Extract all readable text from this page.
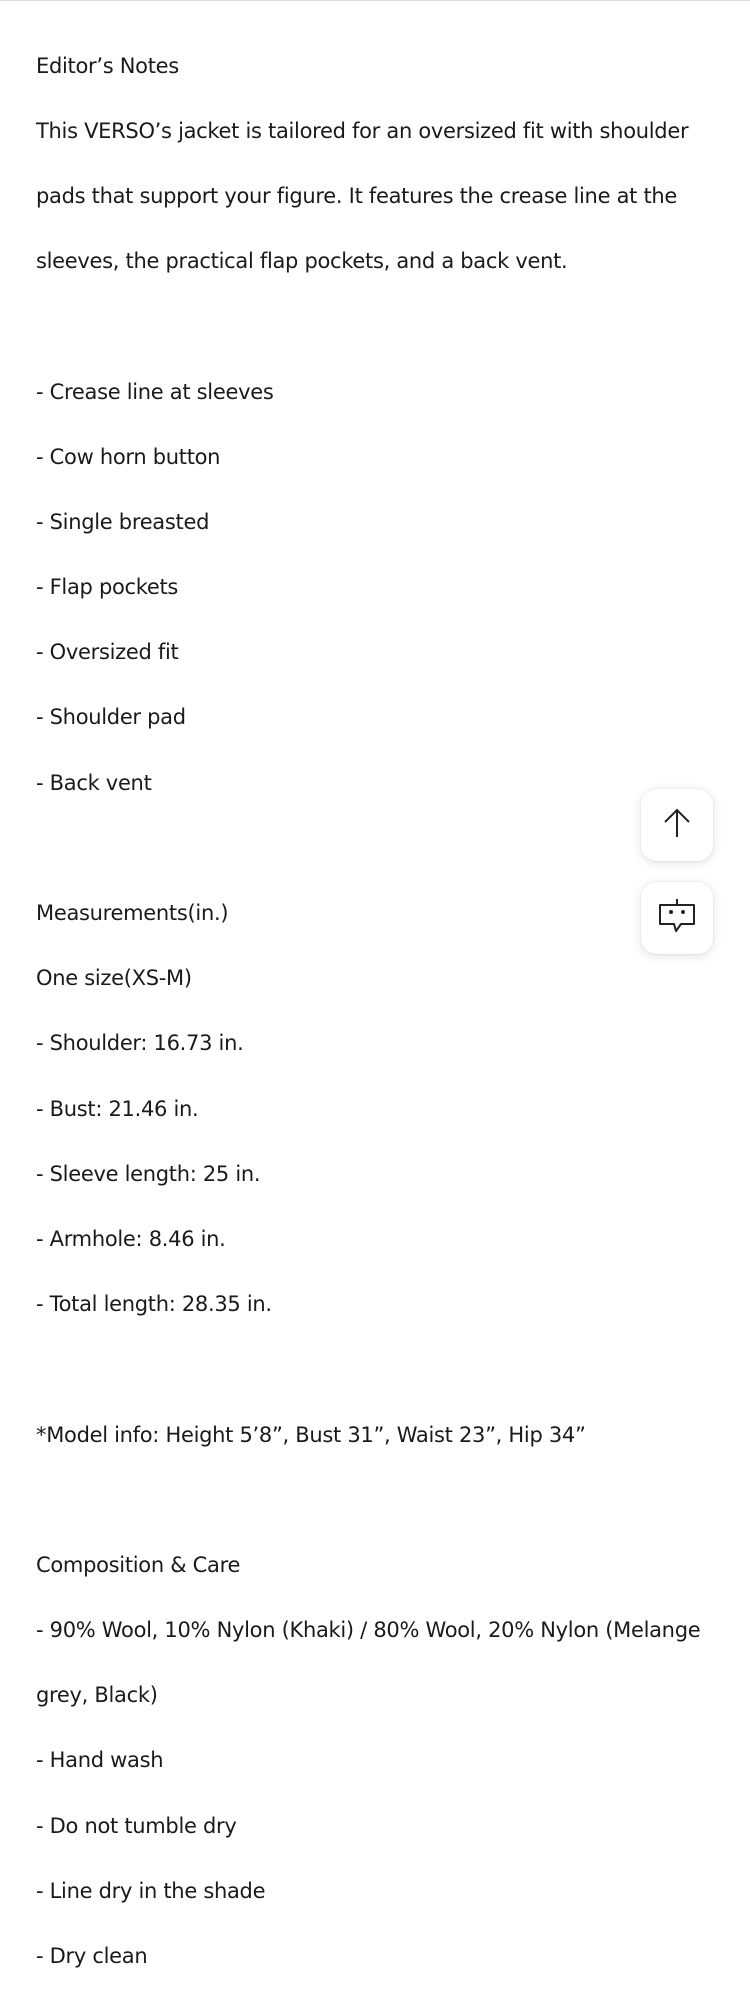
Editor’s Notes

This VERSO’s jacket is tailored for an oversized fit with shoulder

pads that support your figure. It features the crease line at the

sleeves, the practical flap pockets, and a back vent.

- Crease line at sleeves

- Cow horn button

- Single breasted

- Flap pockets

- Oversized fit

- Shoulder pad

- Back vent

Measurements(in.)

One size(XS-M)

- Shoulder: 16.73 in.

- Bust: 21.46 in.

- Sleeve length: 25 in.

- Armhole: 8.46 in.

- Total length: 28.35 in.

*Model info: Height 5’8”, Bust 31”, Waist 23”, Hip 34”

Composition & Care

- 90% Wool, 10% Nylon (Khaki) / 80% Wool, 20% Nylon (Melange

grey, Black)

- Hand wash

- Do not tumble dry

- Line dry in the shade

- Dry clean
